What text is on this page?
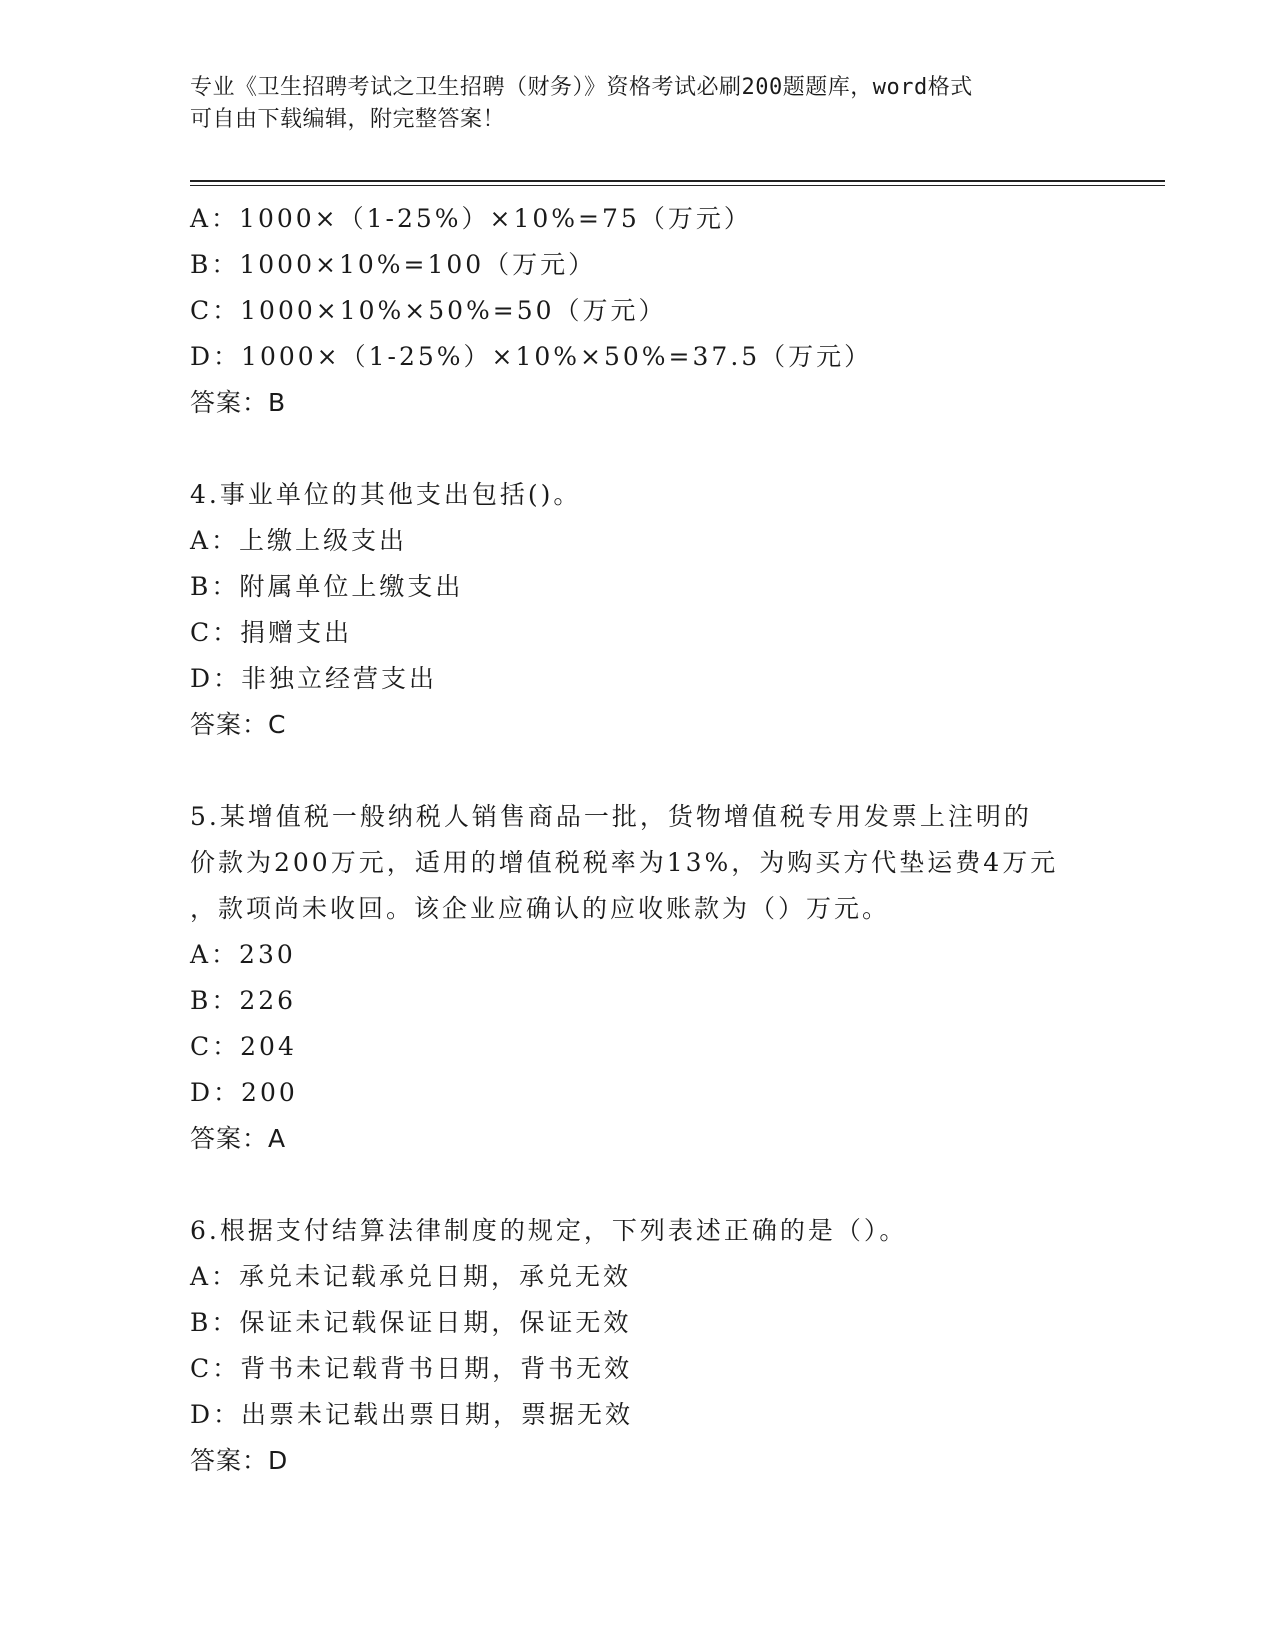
专业《卫生招聘考试之卫生招聘（财务）》资格考试必刷200题题库，word格式
可自由下载编辑，附完整答案！
A：1000×（1-25%）×10%=75（万元）
B：1000×10%=100（万元）
C：1000×10%×50%=50（万元）
D：1000×（1-25%）×10%×50%=37.5（万元）
答案：B
4.事业单位的其他支出包括()。
A：上缴上级支出
B：附属单位上缴支出
C：捐赠支出
D：非独立经营支出
答案：C
5.某增值税一般纳税人销售商品一批，货物增值税专用发票上注明的
价款为200万元，适用的增值税税率为13%，为购买方代垫运费4万元
，款项尚未收回。该企业应确认的应收账款为（）万元。
A：230
B：226
C：204
D：200
答案：A
6.根据支付结算法律制度的规定，下列表述正确的是（）。
A：承兑未记载承兑日期，承兑无效
B：保证未记载保证日期，保证无效
C：背书未记载背书日期，背书无效
D：出票未记载出票日期，票据无效
答案：D
